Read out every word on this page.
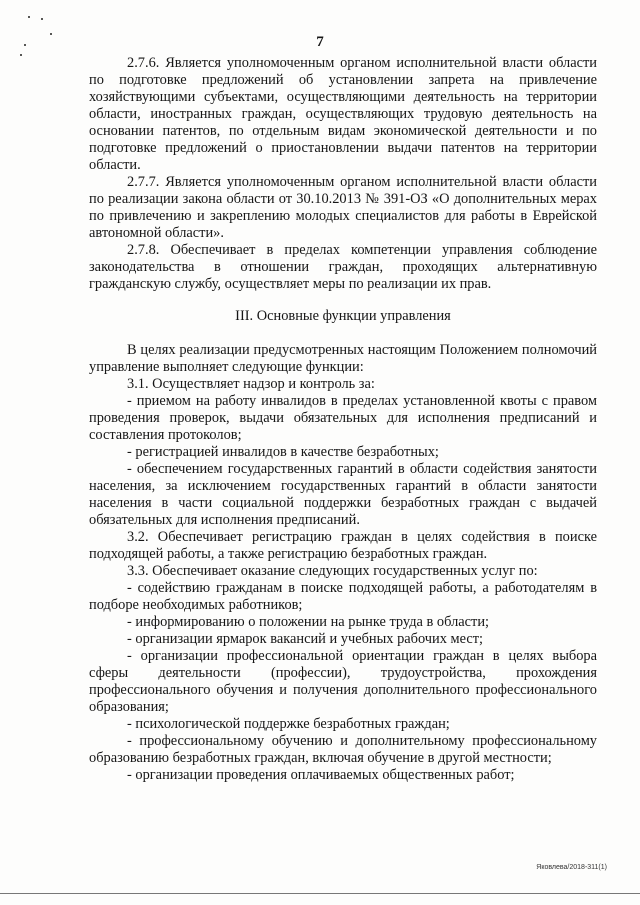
7

2.7.6. Является уполномоченным органом исполнительной власти области по подготовке предложений об установлении запрета на привлечение хозяйствующими субъектами, осуществляющими деятельность на территории области, иностранных граждан, осуществляющих трудовую деятельность на основании патентов, по отдельным видам экономической деятельности и по подготовке предложений о приостановлении выдачи патентов на территории области.

2.7.7. Является уполномоченным органом исполнительной власти области по реализации закона области от 30.10.2013 № 391-ОЗ «О дополнительных мерах по привлечению и закреплению молодых специалистов для работы в Еврейской автономной области».

2.7.8. Обеспечивает в пределах компетенции управления соблюдение законодательства в отношении граждан, проходящих альтернативную гражданскую службу, осуществляет меры по реализации их прав.

III. Основные функции управления

В целях реализации предусмотренных настоящим Положением полномочий управление выполняет следующие функции:

3.1. Осуществляет надзор и контроль за:

- приемом на работу инвалидов в пределах установленной квоты с правом проведения проверок, выдачи обязательных для исполнения предписаний и составления протоколов;

- регистрацией инвалидов в качестве безработных;

- обеспечением государственных гарантий в области содействия занятости населения, за исключением государственных гарантий в области занятости населения в части социальной поддержки безработных граждан с выдачей обязательных для исполнения предписаний.

3.2. Обеспечивает регистрацию граждан в целях содействия в поиске подходящей работы, а также регистрацию безработных граждан.

3.3. Обеспечивает оказание следующих государственных услуг по:

- содействию гражданам в поиске подходящей работы, а работодателям в подборе необходимых работников;

- информированию о положении на рынке труда в области;

- организации ярмарок вакансий и учебных рабочих мест;

- организации профессиональной ориентации граждан в целях выбора сферы деятельности (профессии), трудоустройства, прохождения профессионального обучения и получения дополнительного профессионального образования;

- психологической поддержке безработных граждан;

- профессиональному обучению и дополнительному профессиональному образованию безработных граждан, включая обучение в другой местности;

- организации проведения оплачиваемых общественных работ;

Яковлева/2018-311(1)
